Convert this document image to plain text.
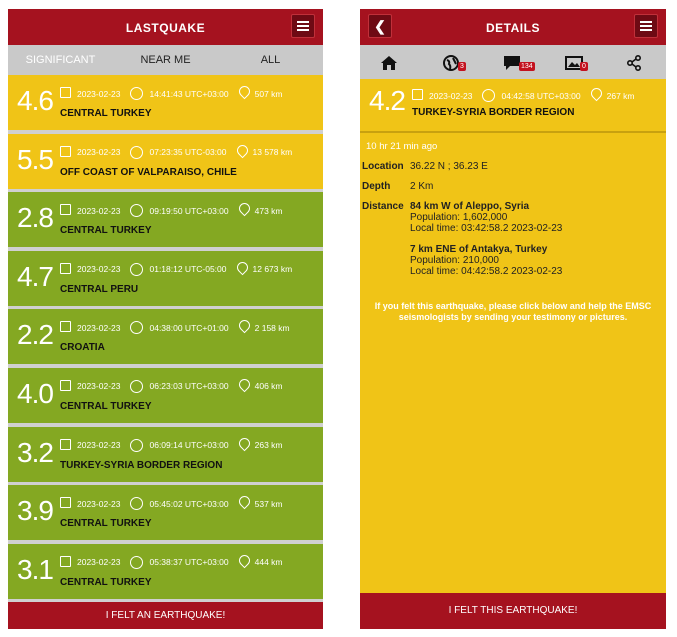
LASTQUAKE
SIGNIFICANT	NEAR ME	ALL
4.6	2023-02-23	14:41:43 UTC+03:00	507 km
CENTRAL TURKEY
5.5	2023-02-23	07:23:35 UTC-03:00	13 578 km
OFF COAST OF VALPARAISO, CHILE
2.8	2023-02-23	09:19:50 UTC+03:00	473 km
CENTRAL TURKEY
4.7	2023-02-23	01:18:12 UTC-05:00	12 673 km
CENTRAL PERU
2.2	2023-02-23	04:38:00 UTC+01:00	2 158 km
CROATIA
4.0	2023-02-23	06:23:03 UTC+03:00	406 km
CENTRAL TURKEY
3.2	2023-02-23	06:09:14 UTC+03:00	263 km
TURKEY-SYRIA BORDER REGION
3.9	2023-02-23	05:45:02 UTC+03:00	537 km
CENTRAL TURKEY
3.1	2023-02-23	05:38:37 UTC+03:00	444 km
CENTRAL TURKEY
I FELT AN EARTHQUAKE!
❮	DETAILS
3	134	0
4.2	2023-02-23	04:42:58 UTC+03:00	267 km
TURKEY-SYRIA BORDER REGION
10 hr 21 min ago
Location 36.22 N ; 36.23 E
Depth	2 Km
Distance 84 km W of Aleppo, Syria
Population: 1,602,000
Local time: 03:42:58.2 2023-02-23
7 km ENE of Antakya, Turkey
Population: 210,000
Local time: 04:42:58.2 2023-02-23
If you felt this earthquake, please click below and help the EMSC seismologists by sending your testimony or pictures.
I FELT THIS EARTHQUAKE!
